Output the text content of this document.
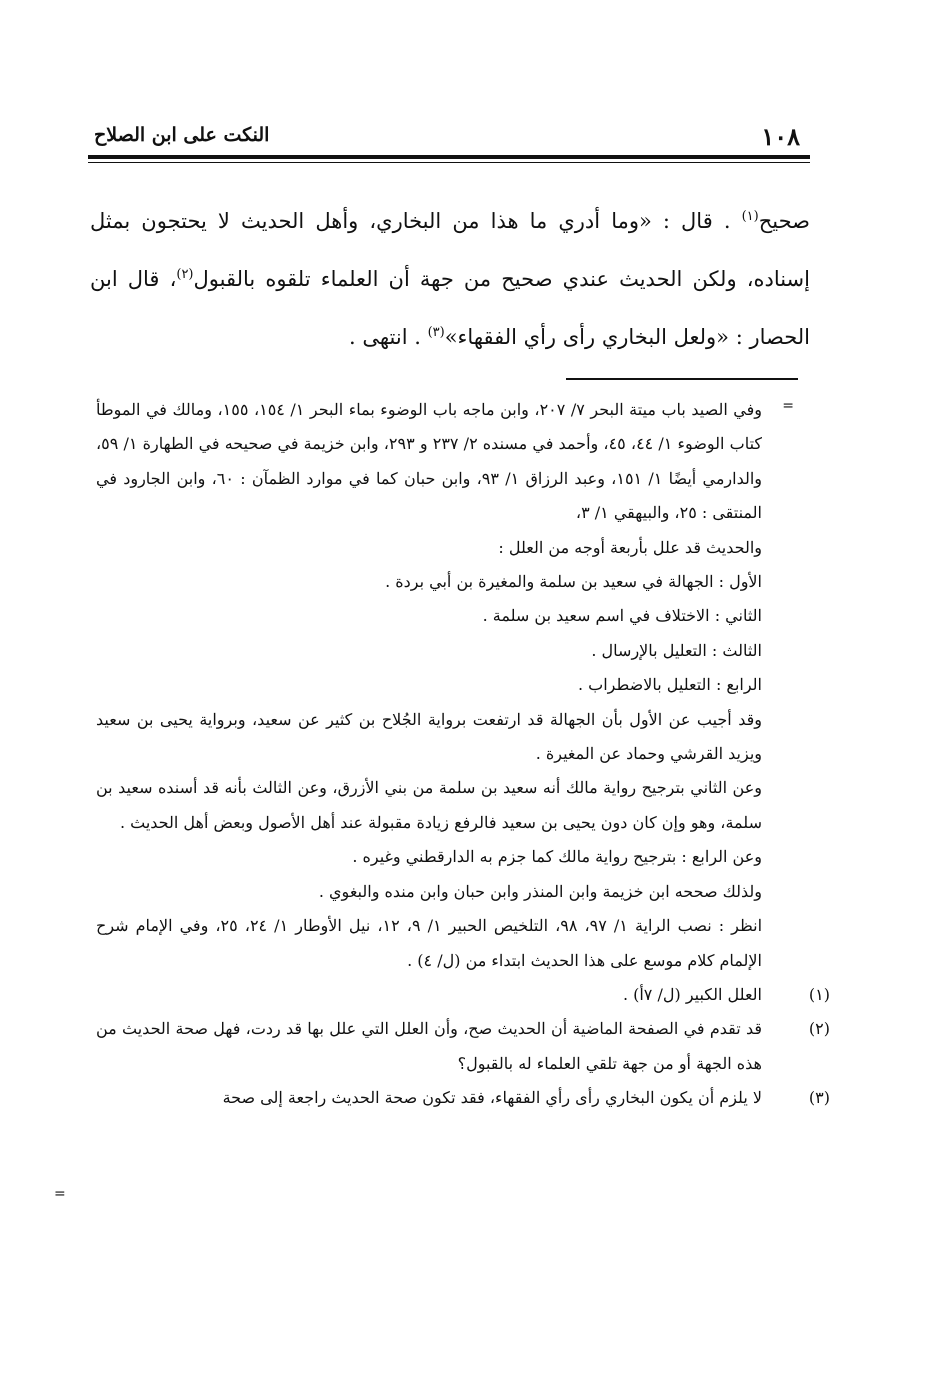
١٠٨
النكت على ابن الصلاح

صحيح$^{(١)}$ . قال : «وما أدري ما هذا من البخاري، وأهل الحديث لا يحتجون بمثل إسناده، ولكن الحديث عندي صحيح من جهة أن العلماء تلقوه بالقبول$^{(٢)}$، قال ابن الحصار : «ولعل البخاري رأى رأي الفقهاء»$^{(٣)}$ . انتهى .

=

وفي الصيد باب ميتة البحر ٧/ ٢٠٧، وابن ماجه باب الوضوء بماء البحر ١/ ١٥٤، ١٥٥، ومالك في الموطأ كتاب الوضوء ١/ ٤٤، ٤٥، وأحمد في مسنده ٢/ ٢٣٧ و ٢٩٣، وابن خزيمة في صحيحه في الطهارة ١/ ٥٩، والدارمي أيضًا ١/ ١٥١، وعبد الرزاق ١/ ٩٣، وابن حبان كما في موارد الظمآن : ٦٠، وابن الجارود في المنتقى : ٢٥، والبيهقي ١/ ٣،

والحديث قد علل بأربعة أوجه من العلل :

الأول : الجهالة في سعيد بن سلمة والمغيرة بن أبي بردة .

الثاني : الاختلاف في اسم سعيد بن سلمة .

الثالث : التعليل بالإرسال .

الرابع : التعليل بالاضطراب .

وقد أجيب عن الأول بأن الجهالة قد ارتفعت برواية الجُلاح بن كثير عن سعيد، وبرواية يحيى بن سعيد ويزيد القرشي وحماد عن المغيرة .

وعن الثاني بترجيح رواية مالك أنه سعيد بن سلمة من بني الأزرق، وعن الثالث بأنه قد أسنده سعيد بن سلمة، وهو وإن كان دون يحيى بن سعيد فالرفع زيادة مقبولة عند أهل الأصول وبعض أهل الحديث .

وعن الرابع : بترجيح رواية مالك كما جزم به الدارقطني وغيره .

ولذلك صححه ابن خزيمة وابن المنذر وابن حبان وابن منده والبغوي .

انظر : نصب الراية ١/ ٩٧، ٩٨، التلخيص الحبير ١/ ٩، ١٢، نيل الأوطار ١/ ٢٤، ٢٥، وفي الإمام شرح الإلمام كلام موسع على هذا الحديث ابتداء من (ل/ ٤) .

(١)العلل الكبير (ل/ ٧أ) .

(٢)قد تقدم في الصفحة الماضية أن الحديث صح، وأن العلل التي علل بها قد ردت، فهل صحة الحديث من هذه الجهة أو من جهة تلقي العلماء له بالقبول؟

(٣)لا يلزم أن يكون البخاري رأى رأي الفقهاء، فقد تكون صحة الحديث راجعة إلى صحة

=
